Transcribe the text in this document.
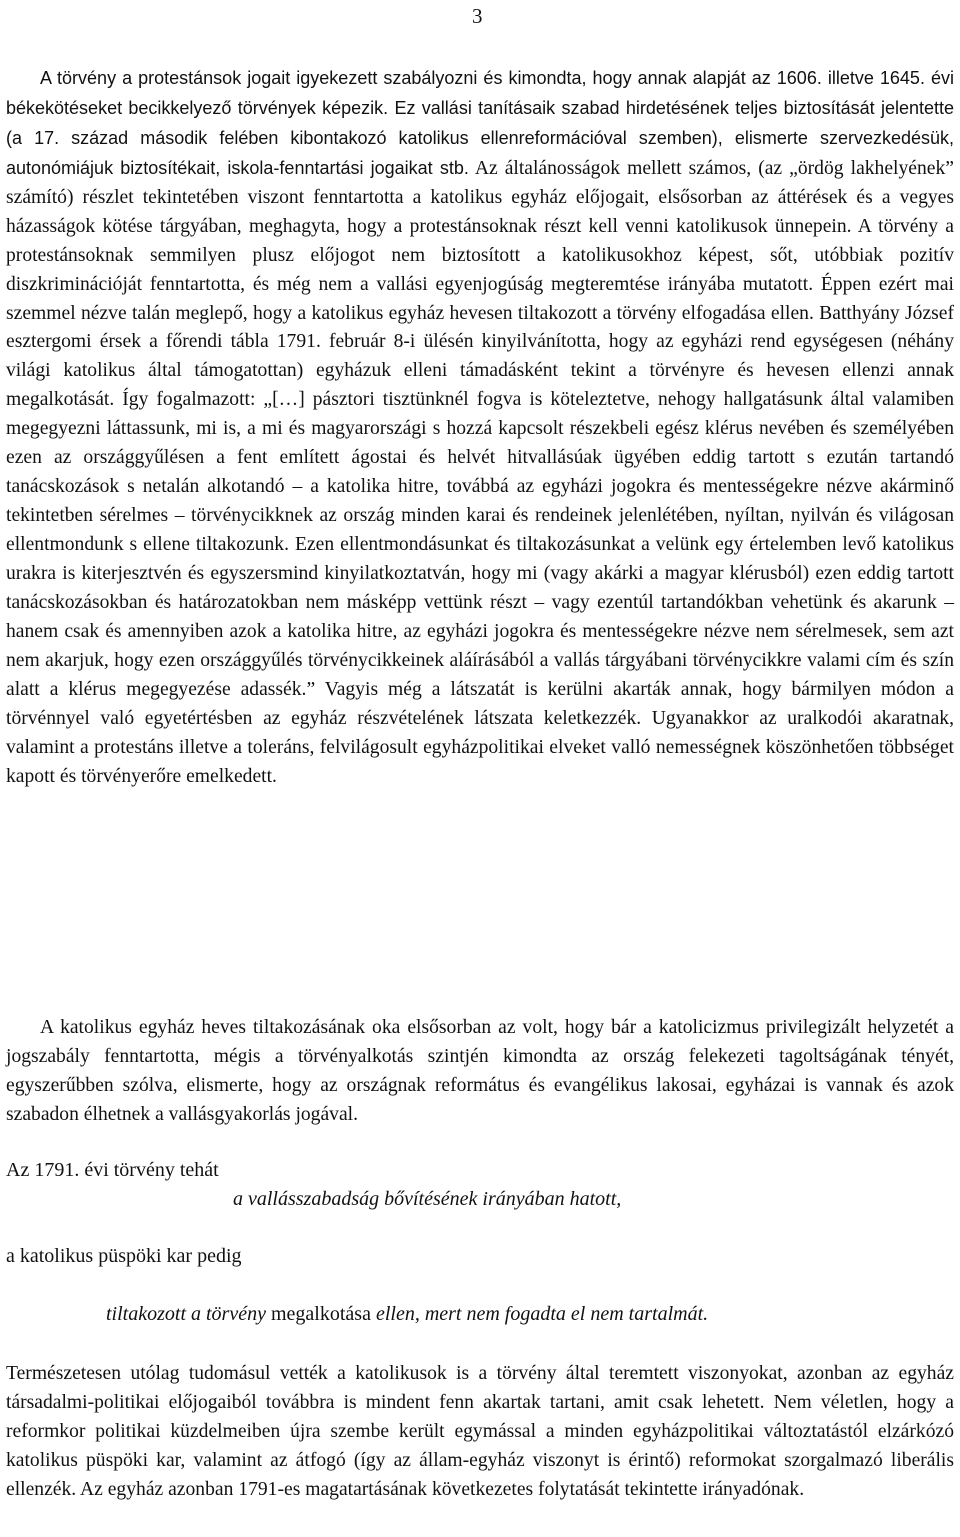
3

A törvény a protestánsok jogait igyekezett szabályozni és kimondta, hogy annak alapját az 1606. illetve 1645. évi békekötéseket becikkelyező törvények képezik. Ez vallási tanításaik szabad hirdetésének teljes biztosítását jelentette (a 17. század második felében kibontakozó katolikus ellenreformációval szemben), elismerte szervezkedésük, autonómiájuk biztosítékait, iskola-fenntartási jogaikat stb. Az általánosságok mellett számos, (az „ördög lakhelyének” számító) részlet tekintetében viszont fenntartotta a katolikus egyház előjogait, elsősorban az áttérések és a vegyes házasságok kötése tárgyában, meghagyta, hogy a protestánsoknak részt kell venni katolikusok ünnepein. A törvény a protestánsoknak semmilyen plusz előjogot nem biztosított a katolikusokhoz képest, sőt, utóbbiak pozitív diszkriminációját fenntartotta, és még nem a vallási egyenjogúság megteremtése irányába mutatott. Éppen ezért mai szemmel nézve talán meglepő, hogy a katolikus egyház hevesen tiltakozott a törvény elfogadása ellen. Batthyány József esztergomi érsek a főrendi tábla 1791. február 8-i ülésén kinyilvánította, hogy az egyházi rend egységesen (néhány világi katolikus által támogatottan) egyházuk elleni támadásként tekint a törvényre és hevesen ellenzi annak megalkotását. Így fogalmazott: „[…] pásztori tisztünknél fogva is köteleztetve, nehogy hallgatásunk által valamiben megegyezni láttassunk, mi is, a mi és magyarországi s hozzá kapcsolt részekbeli egész klérus nevében és személyében ezen az országgyűlésen a fent említett ágostai és helvét hitvallásúak ügyében eddig tartott s ezután tartandó tanácskozások s netalán alkotandó – a katolika hitre, továbbá az egyházi jogokra és mentességekre nézve akárminő tekintetben sérelmes – törvénycikknek az ország minden karai és rendeinek jelenlétében, nyíltan, nyilván és világosan ellentmondunk s ellene tiltakozunk. Ezen ellentmondásunkat és tiltakozásunkat a velünk egy értelemben levő katolikus urakra is kiterjesztvén és egyszersmind kinyilatkoztatván, hogy mi (vagy akárki a magyar klérusból) ezen eddig tartott tanácskozásokban és határozatokban nem másképp vettünk részt – vagy ezentúl tartandókban vehetünk és akarunk – hanem csak és amennyiben azok a katolika hitre, az egyházi jogokra és mentességekre nézve nem sérelmesek, sem azt nem akarjuk, hogy ezen országgyűlés törvénycikkeinek aláírásából a vallás tárgyábani törvénycikkre valami cím és szín alatt a klérus megegyezése adassék.” Vagyis még a látszatát is kerülni akarták annak, hogy bármilyen módon a törvénnyel való egyetértésben az egyház részvételének látszata keletkezzék. Ugyanakkor az uralkodói akaratnak, valamint a protestáns illetve a toleráns, felvilágosult egyházpolitikai elveket valló nemességnek köszönhetően többséget kapott és törvényerőre emelkedett.

A katolikus egyház heves tiltakozásának oka elsősorban az volt, hogy bár a katolicizmus privilegizált helyzetét a jogszabály fenntartotta, mégis a törvényalkotás szintjén kimondta az ország felekezeti tagoltságának tényét, egyszerűbben szólva, elismerte, hogy az országnak református és evangélikus lakosai, egyházai is vannak és azok szabadon élhetnek a vallásgyakorlás jogával.

Az 1791. évi törvény tehát
a vallásszabadság bővítésének irányában hatott,
a katolikus püspöki kar pedig
tiltakozott a törvény megalkotása ellen, mert nem fogadta el nem tartalmát.

Természetesen utólag tudomásul vették a katolikusok is a törvény által teremtett viszonyokat, azonban az egyház társadalmi-politikai előjogaiból továbbra is mindent fenn akartak tartani, amit csak lehetett. Nem véletlen, hogy a reformkor politikai küzdelmeiben újra szembe került egymással a minden egyházpolitikai változtatástól elzárkózó katolikus püspöki kar, valamint az átfogó (így az állam-egyház viszonyt is érintő) reformokat szorgalmazó liberális ellenzék. Az egyház azonban 1791-es magatartásának következetes folytatását tekintette irányadónak.
